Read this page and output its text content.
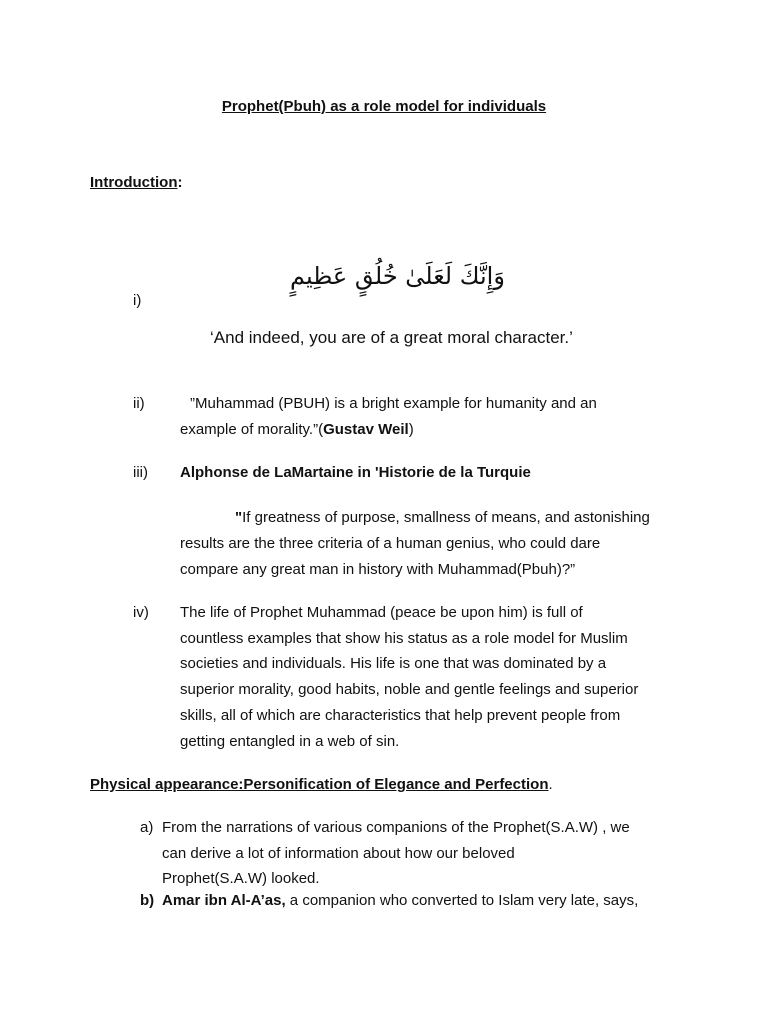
Prophet(Pbuh) as a role model for individuals
Introduction:
وَإِنَّكَ لَعَلَىٰ خُلُقٍ عَظِيمٍ
i)
‘And indeed, you are of a great moral character.’
ii)	”Muhammad (PBUH) is a bright example for humanity and an
example of morality.”(Gustav Weil)
iii) Alphonse de LaMartaine in 'Historie de la Turquie
"If greatness of purpose, smallness of means, and astonishing
results are the three criteria of a human genius, who could dare
compare any great man in history with Muhammad(Pbuh)?”
iv) The life of Prophet Muhammad (peace be upon him) is full of
countless examples that show his status as a role model for Muslim
societies and individuals. His life is one that was dominated by a
superior morality, good habits, noble and gentle feelings and superior
skills, all of which are characteristics that help prevent people from
getting entangled in a web of sin.
Physical appearance:Personification of Elegance and Perfection.
a) From the narrations of various companions of the Prophet(S.A.W) , we
can derive a lot of information about how our beloved
Prophet(S.A.W) looked.
b) Amar ibn Al-A’as, a companion who converted to Islam very late, says,
